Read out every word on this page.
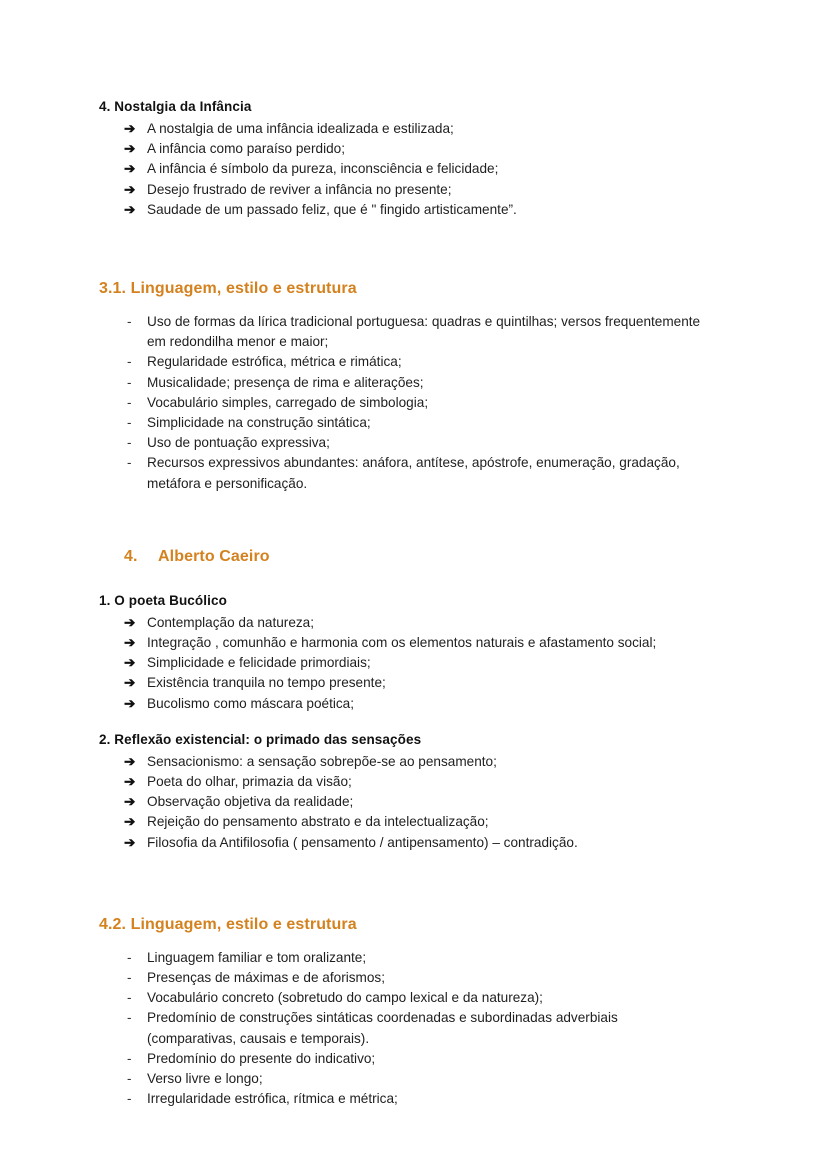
4. Nostalgia da Infância
➔ A nostalgia de uma infância idealizada e estilizada;
➔ A infância como paraíso perdido;
➔ A infância é símbolo da pureza, inconsciência e felicidade;
➔ Desejo frustrado de reviver a infância no presente;
➔ Saudade de um passado feliz, que é " fingido artisticamente”.
3.1. Linguagem, estilo e estrutura
-	Uso de formas da lírica tradicional portuguesa: quadras e quintilhas; versos frequentemente em redondilha menor e maior;
-	Regularidade estrófica, métrica e rimática;
-	Musicalidade; presença de rima e aliterações;
-	Vocabulário simples, carregado de simbologia;
-	Simplicidade na construção sintática;
-	Uso de pontuação expressiva;
-	Recursos expressivos abundantes: anáfora, antítese, apóstrofe, enumeração, gradação, metáfora e personificação.
4.	Alberto Caeiro
1. O poeta Bucólico
➔ Contemplação da natureza;
➔ Integração , comunhão e harmonia com os elementos naturais e afastamento social;
➔ Simplicidade e felicidade primordiais;
➔ Existência tranquila no tempo presente;
➔ Bucolismo como máscara poética;
2. Reflexão existencial: o primado das sensações
➔ Sensacionismo: a sensação sobrepõe-se ao pensamento;
➔ Poeta do olhar, primazia da visão;
➔ Observação objetiva da realidade;
➔ Rejeição do pensamento abstrato e da intelectualização;
➔ Filosofia da Antifilosofia ( pensamento / antipensamento) – contradição.
4.2. Linguagem, estilo e estrutura
-	Linguagem familiar e tom oralizante;
-	Presenças de máximas e de aforismos;
-	Vocabulário concreto (sobretudo do campo lexical e da natureza);
-	Predomínio de construções sintáticas coordenadas e subordinadas adverbiais (comparativas, causais e temporais).
-	Predomínio do presente do indicativo;
-	Verso livre e longo;
-	Irregularidade estrófica, rítmica e métrica;
